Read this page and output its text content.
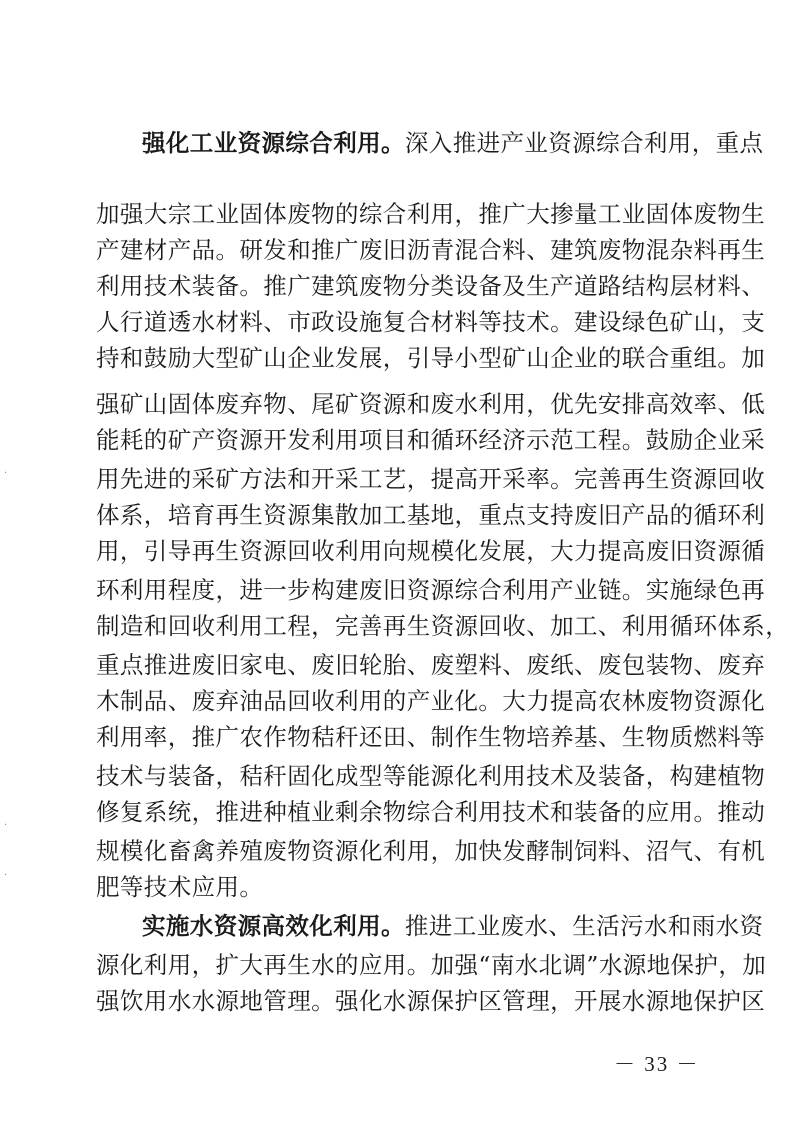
强化工业资源综合利用。深入推进产业资源综合利用，重点
加强大宗工业固体废物的综合利用，推广大掺量工业固体废物生
产建材产品。研发和推广废旧沥青混合料、建筑废物混杂料再生
利用技术装备。推广建筑废物分类设备及生产道路结构层材料、
人行道透水材料、市政设施复合材料等技术。建设绿色矿山，支
持和鼓励大型矿山企业发展，引导小型矿山企业的联合重组。加
强矿山固体废弃物、尾矿资源和废水利用，优先安排高效率、低
能耗的矿产资源开发利用项目和循环经济示范工程。鼓励企业采
用先进的采矿方法和开采工艺，提高开采率。完善再生资源回收
体系，培育再生资源集散加工基地，重点支持废旧产品的循环利
用，引导再生资源回收利用向规模化发展，大力提高废旧资源循
环利用程度，进一步构建废旧资源综合利用产业链。实施绿色再
制造和回收利用工程，完善再生资源回收、加工、利用循环体系，
重点推进废旧家电、废旧轮胎、废塑料、废纸、废包装物、废弃
木制品、废弃油品回收利用的产业化。大力提高农林废物资源化
利用率，推广农作物秸秆还田、制作生物培养基、生物质燃料等
技术与装备，秸秆固化成型等能源化利用技术及装备，构建植物
修复系统，推进种植业剩余物综合利用技术和装备的应用。推动
规模化畜禽养殖废物资源化利用，加快发酵制饲料、沼气、有机
肥等技术应用。
实施水资源高效化利用。推进工业废水、生活污水和雨水资
源化利用，扩大再生水的应用。加强“南水北调”水源地保护，加
强饮用水水源地管理。强化水源保护区管理，开展水源地保护区
－ 33 －
·
·
·
